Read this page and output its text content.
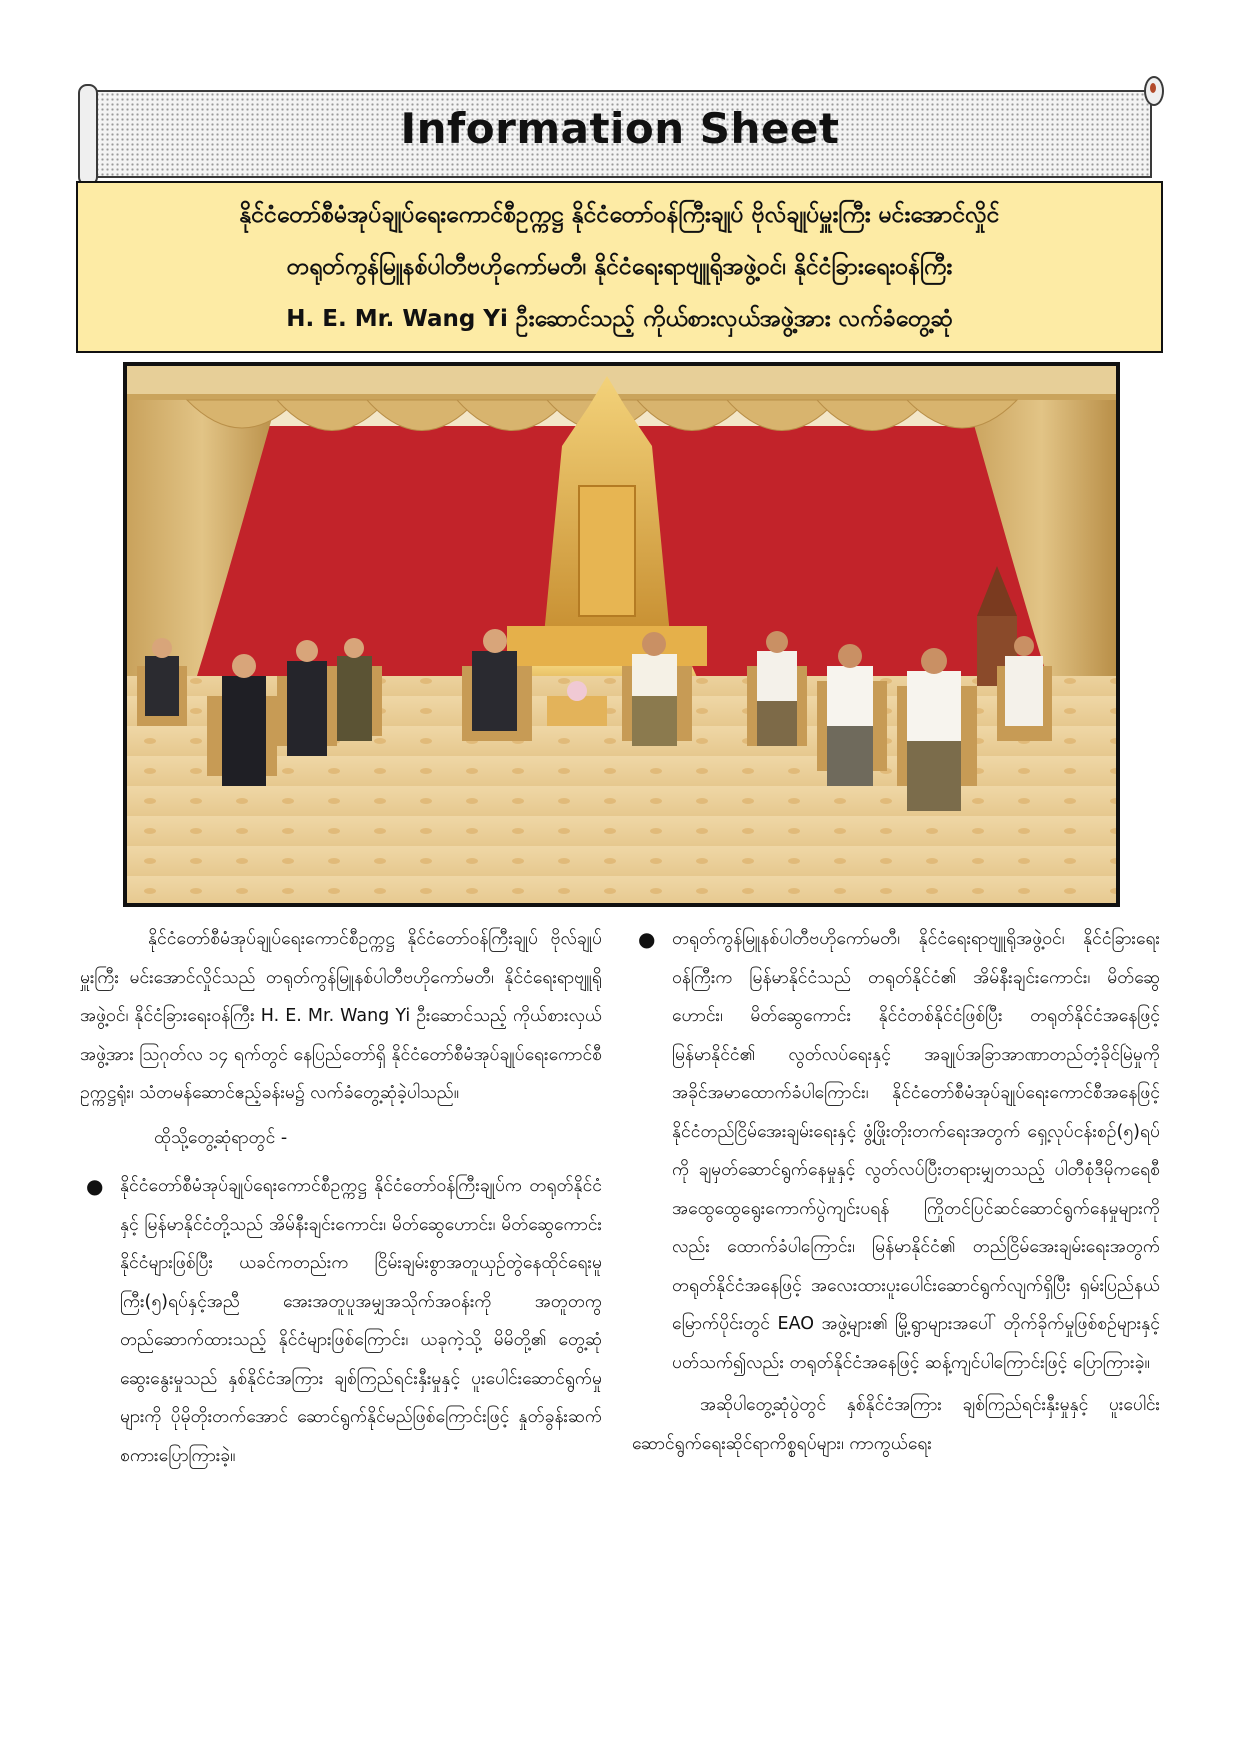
Information Sheet
နိုင်ငံတော်စီမံအုပ်ချုပ်ရေးကောင်စီဥက္ကဋ္ဌ နိုင်ငံတော်ဝန်ကြီးချုပ် ဗိုလ်ချုပ်မှူးကြီး မင်းအောင်လှိုင်
တရုတ်ကွန်မြူနစ်ပါတီဗဟိုကော်မတီ၊ နိုင်ငံရေးရာဗျူရိုအဖွဲ့ဝင်၊ နိုင်ငံခြားရေးဝန်ကြီး
H. E. Mr. Wang Yi ဦးဆောင်သည့် ကိုယ်စားလှယ်အဖွဲ့အား လက်ခံတွေ့ဆုံ

နိုင်ငံတော်စီမံအုပ်ချုပ်ရေးကောင်စီဥက္ကဋ္ဌ နိုင်ငံတော်ဝန်ကြီးချုပ် ဗိုလ်ချုပ်မှူးကြီး မင်းအောင်လှိုင်သည် တရုတ်ကွန်မြူနစ်ပါတီဗဟိုကော်မတီ၊ နိုင်ငံရေးရာဗျူရိုအဖွဲ့ဝင်၊ နိုင်ငံခြားရေးဝန်ကြီး H. E. Mr. Wang Yi ဦးဆောင်သည့် ကိုယ်စားလှယ်အဖွဲ့အား ဩဂုတ်လ ၁၄ ရက်တွင် နေပြည်တော်ရှိ နိုင်ငံတော်စီမံအုပ်ချုပ်ရေးကောင်စီဥက္ကဋ္ဌရုံး၊ သံတမန်ဆောင်ဧည့်ခန်းမ၌ လက်ခံတွေ့ဆုံခဲ့ပါသည်။

ထိုသို့တွေ့ဆုံရာတွင် -

● နိုင်ငံတော်စီမံအုပ်ချုပ်ရေးကောင်စီဥက္ကဋ္ဌ နိုင်ငံတော်ဝန်ကြီးချုပ်က တရုတ်နိုင်ငံနှင့် မြန်မာနိုင်ငံတို့သည် အိမ်နီးချင်းကောင်း၊ မိတ်ဆွေဟောင်း၊ မိတ်ဆွေကောင်းနိုင်ငံများဖြစ်ပြီး ယခင်ကတည်းက ငြိမ်းချမ်းစွာအတူယှဉ်တွဲနေထိုင်ရေးမူကြီး(၅)ရပ်နှင့်အညီ အေးအတူပူအမျှအသိုက်အဝန်းကို အတူတကွတည်ဆောက်ထားသည့် နိုင်ငံများဖြစ်ကြောင်း၊ ယခုကဲ့သို့ မိမိတို့၏ တွေ့ဆုံဆွေးနွေးမှုသည် နှစ်နိုင်ငံအကြား ချစ်ကြည်ရင်းနှီးမှုနှင့် ပူးပေါင်းဆောင်ရွက်မှုများကို ပိုမိုတိုးတက်အောင် ဆောင်ရွက်နိုင်မည်ဖြစ်ကြောင်းဖြင့် နှုတ်ခွန်းဆက်စကားပြောကြားခဲ့။
● တရုတ်ကွန်မြူနစ်ပါတီဗဟိုကော်မတီ၊ နိုင်ငံရေးရာဗျူရိုအဖွဲ့ဝင်၊ နိုင်ငံခြားရေးဝန်ကြီးက မြန်မာနိုင်ငံသည် တရုတ်နိုင်ငံ၏ အိမ်နီးချင်းကောင်း၊ မိတ်ဆွေဟောင်း၊ မိတ်ဆွေကောင်း နိုင်ငံတစ်နိုင်ငံဖြစ်ပြီး တရုတ်နိုင်ငံအနေဖြင့် မြန်မာနိုင်ငံ၏ လွတ်လပ်ရေးနှင့် အချုပ်အခြာအာဏာတည်တံ့ခိုင်မြဲမှုကို အခိုင်အမာထောက်ခံပါကြောင်း၊ နိုင်ငံတော်စီမံအုပ်ချုပ်ရေးကောင်စီအနေဖြင့် နိုင်ငံတည်ငြိမ်အေးချမ်းရေးနှင့် ဖွံ့ဖြိုးတိုးတက်ရေးအတွက် ရှေ့လုပ်ငန်းစဉ်(၅)ရပ်ကို ချမှတ်ဆောင်ရွက်နေမှုနှင့် လွတ်လပ်ပြီးတရားမျှတသည့် ပါတီစုံဒီမိုကရေစီ အထွေထွေရွေးကောက်ပွဲကျင်းပရန် ကြိုတင်ပြင်ဆင်ဆောင်ရွက်နေမှုများကိုလည်း ထောက်ခံပါကြောင်း၊ မြန်မာနိုင်ငံ၏ တည်ငြိမ်အေးချမ်းရေးအတွက် တရုတ်နိုင်ငံအနေဖြင့် အလေးထားပူးပေါင်းဆောင်ရွက်လျက်ရှိပြီး ရှမ်းပြည်နယ်မြောက်ပိုင်းတွင် EAO အဖွဲ့များ၏ မြို့ရွာများအပေါ် တိုက်ခိုက်မှုဖြစ်စဉ်များနှင့်ပတ်သက်၍လည်း တရုတ်နိုင်ငံအနေဖြင့် ဆန့်ကျင်ပါကြောင်းဖြင့် ပြောကြားခဲ့။

အဆိုပါတွေ့ဆုံပွဲတွင် နှစ်နိုင်ငံအကြား ချစ်ကြည်ရင်းနှီးမှုနှင့် ပူးပေါင်းဆောင်ရွက်ရေးဆိုင်ရာကိစ္စရပ်များ၊ ကာကွယ်ရေး
